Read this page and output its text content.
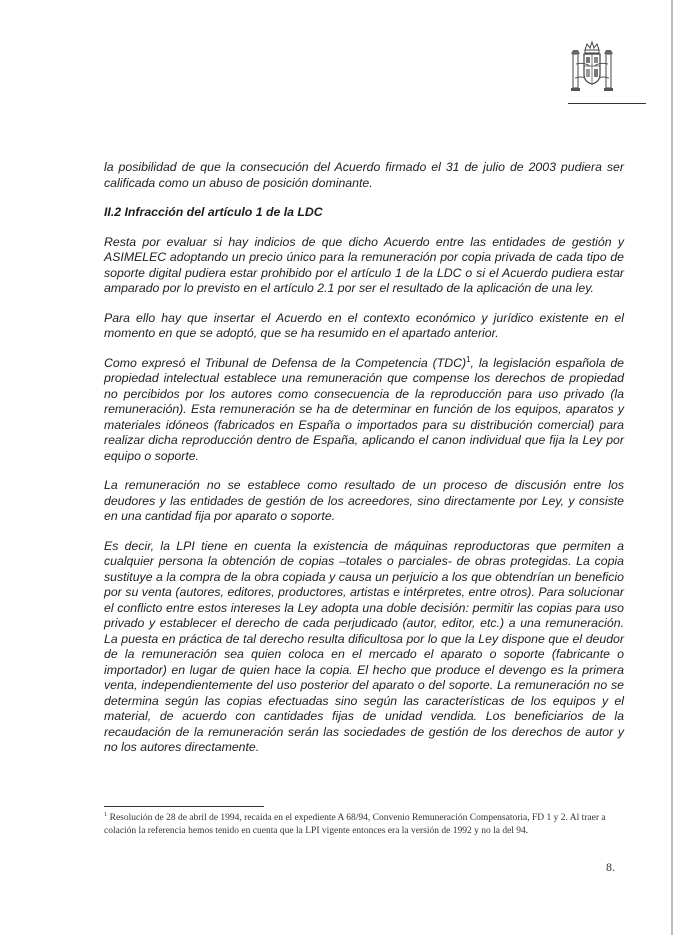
la posibilidad de que la consecución del Acuerdo firmado el 31 de julio de 2003 pudiera ser calificada como un abuso de posición dominante.

II.2 Infracción del artículo 1 de la LDC

Resta por evaluar si hay indicios de que dicho Acuerdo entre las entidades de gestión y ASIMELEC adoptando un precio único para la remuneración por copia privada de cada tipo de soporte digital pudiera estar prohibido por el artículo 1 de la LDC o si el Acuerdo pudiera estar amparado por lo previsto en el artículo 2.1 por ser el resultado de la aplicación de una ley.

Para ello hay que insertar el Acuerdo en el contexto económico y jurídico existente en el momento en que se adoptó, que se ha resumido en el apartado anterior.

Como expresó el Tribunal de Defensa de la Competencia (TDC)$^1$, la legislación española de propiedad intelectual establece una remuneración que compense los derechos de propiedad no percibidos por los autores como consecuencia de la reproducción para uso privado (la remuneración). Esta remuneración se ha de determinar en función de los equipos, aparatos y materiales idóneos (fabricados en España o importados para su distribución comercial) para realizar dicha reproducción dentro de España, aplicando el canon individual que fija la Ley por equipo o soporte.

La remuneración no se establece como resultado de un proceso de discusión entre los deudores y las entidades de gestión de los acreedores, sino directamente por Ley, y consiste en una cantidad fija por aparato o soporte.

Es decir, la LPI tiene en cuenta la existencia de máquinas reproductoras que permiten a cualquier persona la obtención de copias –totales o parciales- de obras protegidas. La copia sustituye a la compra de la obra copiada y causa un perjuicio a los que obtendrían un beneficio por su venta (autores, editores, productores, artistas e intérpretes, entre otros). Para solucionar el conflicto entre estos intereses la Ley adopta una doble decisión: permitir las copias para uso privado y establecer el derecho de cada perjudicado (autor, editor, etc.) a una remuneración. La puesta en práctica de tal derecho resulta dificultosa por lo que la Ley dispone que el deudor de la remuneración sea quien coloca en el mercado el aparato o soporte (fabricante o importador) en lugar de quien hace la copia. El hecho que produce el devengo es la primera venta, independientemente del uso posterior del aparato o del soporte. La remuneración no se determina según las copias efectuadas sino según las características de los equipos y el material, de acuerdo con cantidades fijas de unidad vendida. Los beneficiarios de la recaudación de la remuneración serán las sociedades de gestión de los derechos de autor y no los autores directamente.

$^1$ Resolución de 28 de abril de 1994, recaída en el expediente A 68/94, Convenio Remuneración Compensatoria, FD 1 y 2. Al traer a colación la referencia hemos tenido en cuenta que la LPI vigente entonces era la versión de 1992 y no la del 94.
8.
